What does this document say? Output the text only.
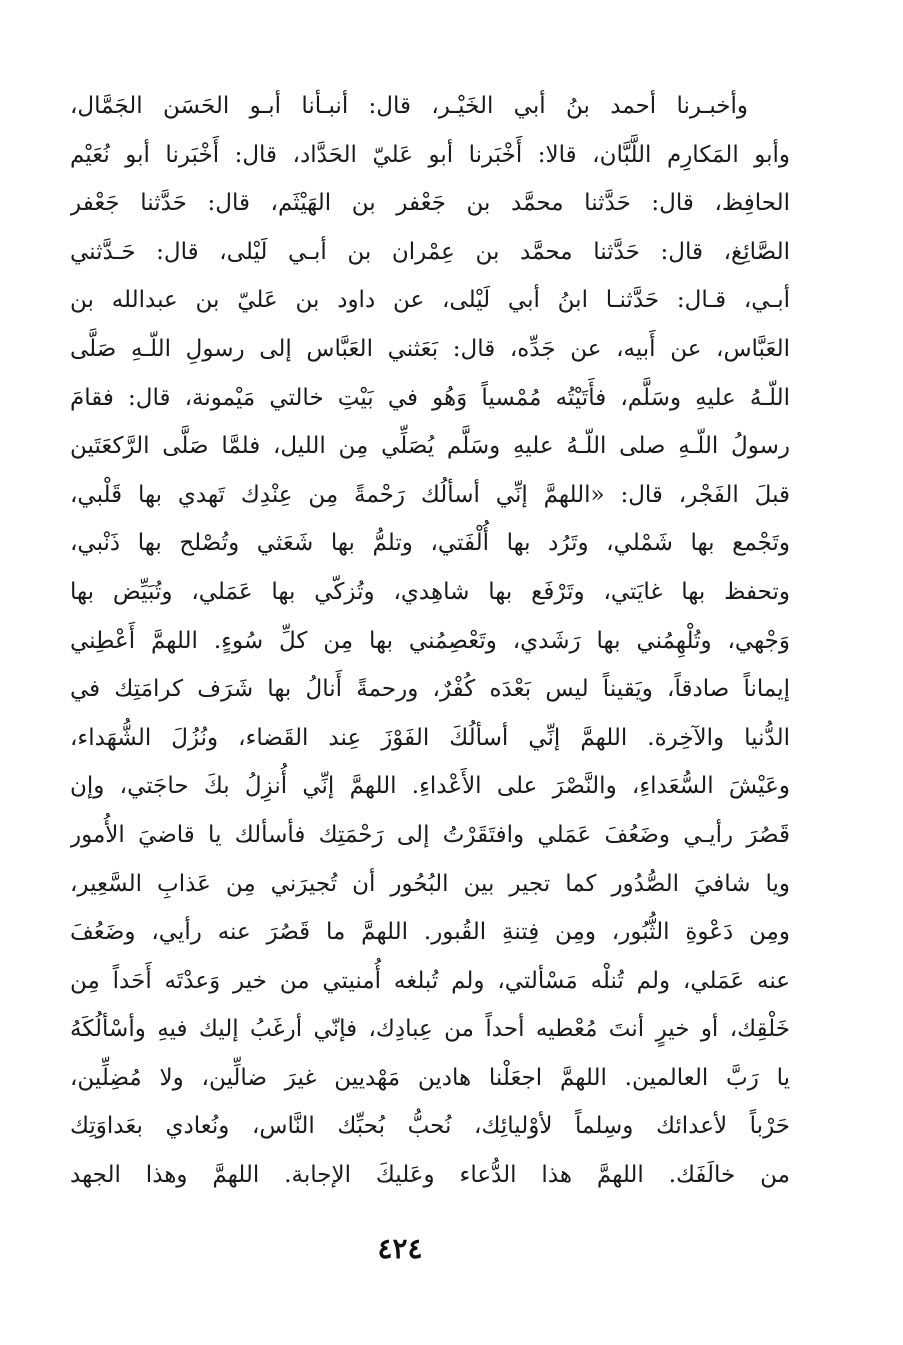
وأخبـرنا أحمد بنُ أبي الخَيْـر، قال: أنبـأنا أبـو الحَسَن الجَمَّال،
وأبو المَكارِم اللَّبَّان، قالا: أَخْبَرنا أبو عَليّ الحَدَّاد، قال: أَخْبَرنا أبو نُعَيْم
الحافِظ، قال: حَدَّثنا محمَّد بن جَعْفر بن الهَيْثَم، قال: حَدَّثنا جَعْفر
الصَّائِغ، قال: حَدَّثنا محمَّد بن عِمْران بن أبـي لَيْلى، قال: حَـدَّثني
أبـي، قـال: حَدَّثنـا ابنُ أبي لَيْلى، عن داود بن عَليّ بن عبدالله بن
العَبَّاس، عن أَبيه، عن جَدِّه، قال: بَعَثني العَبَّاس إلى رسولِ اللّـهِ صَلَّى
اللّـهُ عليهِ وسَلَّم، فأَتَيْتُه مُمْسياً وَهُو في بَيْتِ خالتي مَيْمونة، قال: فقامَ
رسولُ اللّـهِ صلى اللّـهُ عليهِ وسَلَّم يُصَلِّي مِن الليل، فلمَّا صَلَّى الرَّكعَتَين
قبلَ الفَجْر، قال: «اللهمَّ إنِّي أسألُك رَحْمةً مِن عِنْدِك تَهدي بها قَلْبي،
وتَجْمع بها شَمْلي، وتَرُد بها أُلْفَتي، وتلمُّ بها شَعَثي وتُصْلح بها ذَنْبي،
وتحفظ بها غايَتي، وتَرْفَع بها شاهِدي، وتُزكّي بها عَمَلي، وتُبَيِّض بها
وَجْهي، وتُلْهِمُني بها رَشَدي، وتَعْصِمُني بها مِن كلِّ سُوءٍ. اللهمَّ أَعْطِني
إيماناً صادقاً، ويَقيناً ليس بَعْدَه كُفْرٌ، ورحمةً أَنالُ بها شَرَف كرامَتِك في
الدُّنيا والآخِرة. اللهمَّ إنِّي أسألُكَ الفَوْزَ عِند القَضاء، ونُزُلَ الشُّهَداء،
وعَيْشَ السُّعَداءِ، والنَّصْرَ على الأَعْداءِ. اللهمَّ إنِّي أُنزِلُ بكَ حاجَتي، وإن
قَصُرَ رأيـي وضَعُفَ عَمَلي وافتَقَرْتُ إلى رَحْمَتِك فأسألك يا قاضيَ الأُمور
ويا شافيَ الصُّدُور كما تجير بين البُحُور أن تُجيرَني مِن عَذابِ السَّعِير،
ومِن دَعْوةِ الثُّبُور، ومِن فِتنةِ القُبور. اللهمَّ ما قَصُرَ عنه رأيي، وضَعُفَ
عنه عَمَلي، ولم تُنلْه مَسْألتي، ولم تُبلغه أُمنيتي من خير وَعدْتَه أَحَداً مِن
خَلْقِك، أو خيرٍ أنتَ مُعْطيه أحداً من عِبادِك، فإنّي أرغَبُ إليك فيهِ وأسْألُكَهُ
يا رَبَّ العالمين. اللهمَّ اجعَلْنا هادين مَهْديين غيرَ ضالِّين، ولا مُضِلِّين،
حَرْباً لأعدائك وسِلماً لأوْليائِك، نُحبُّ بُحبِّك النَّاس، ونُعادي بعَداوَتِك
من خالَفَك. اللهمَّ هذا الدُّعاء وعَليكَ الإجابة. اللهمَّ وهذا الجهد
٤٢٤
